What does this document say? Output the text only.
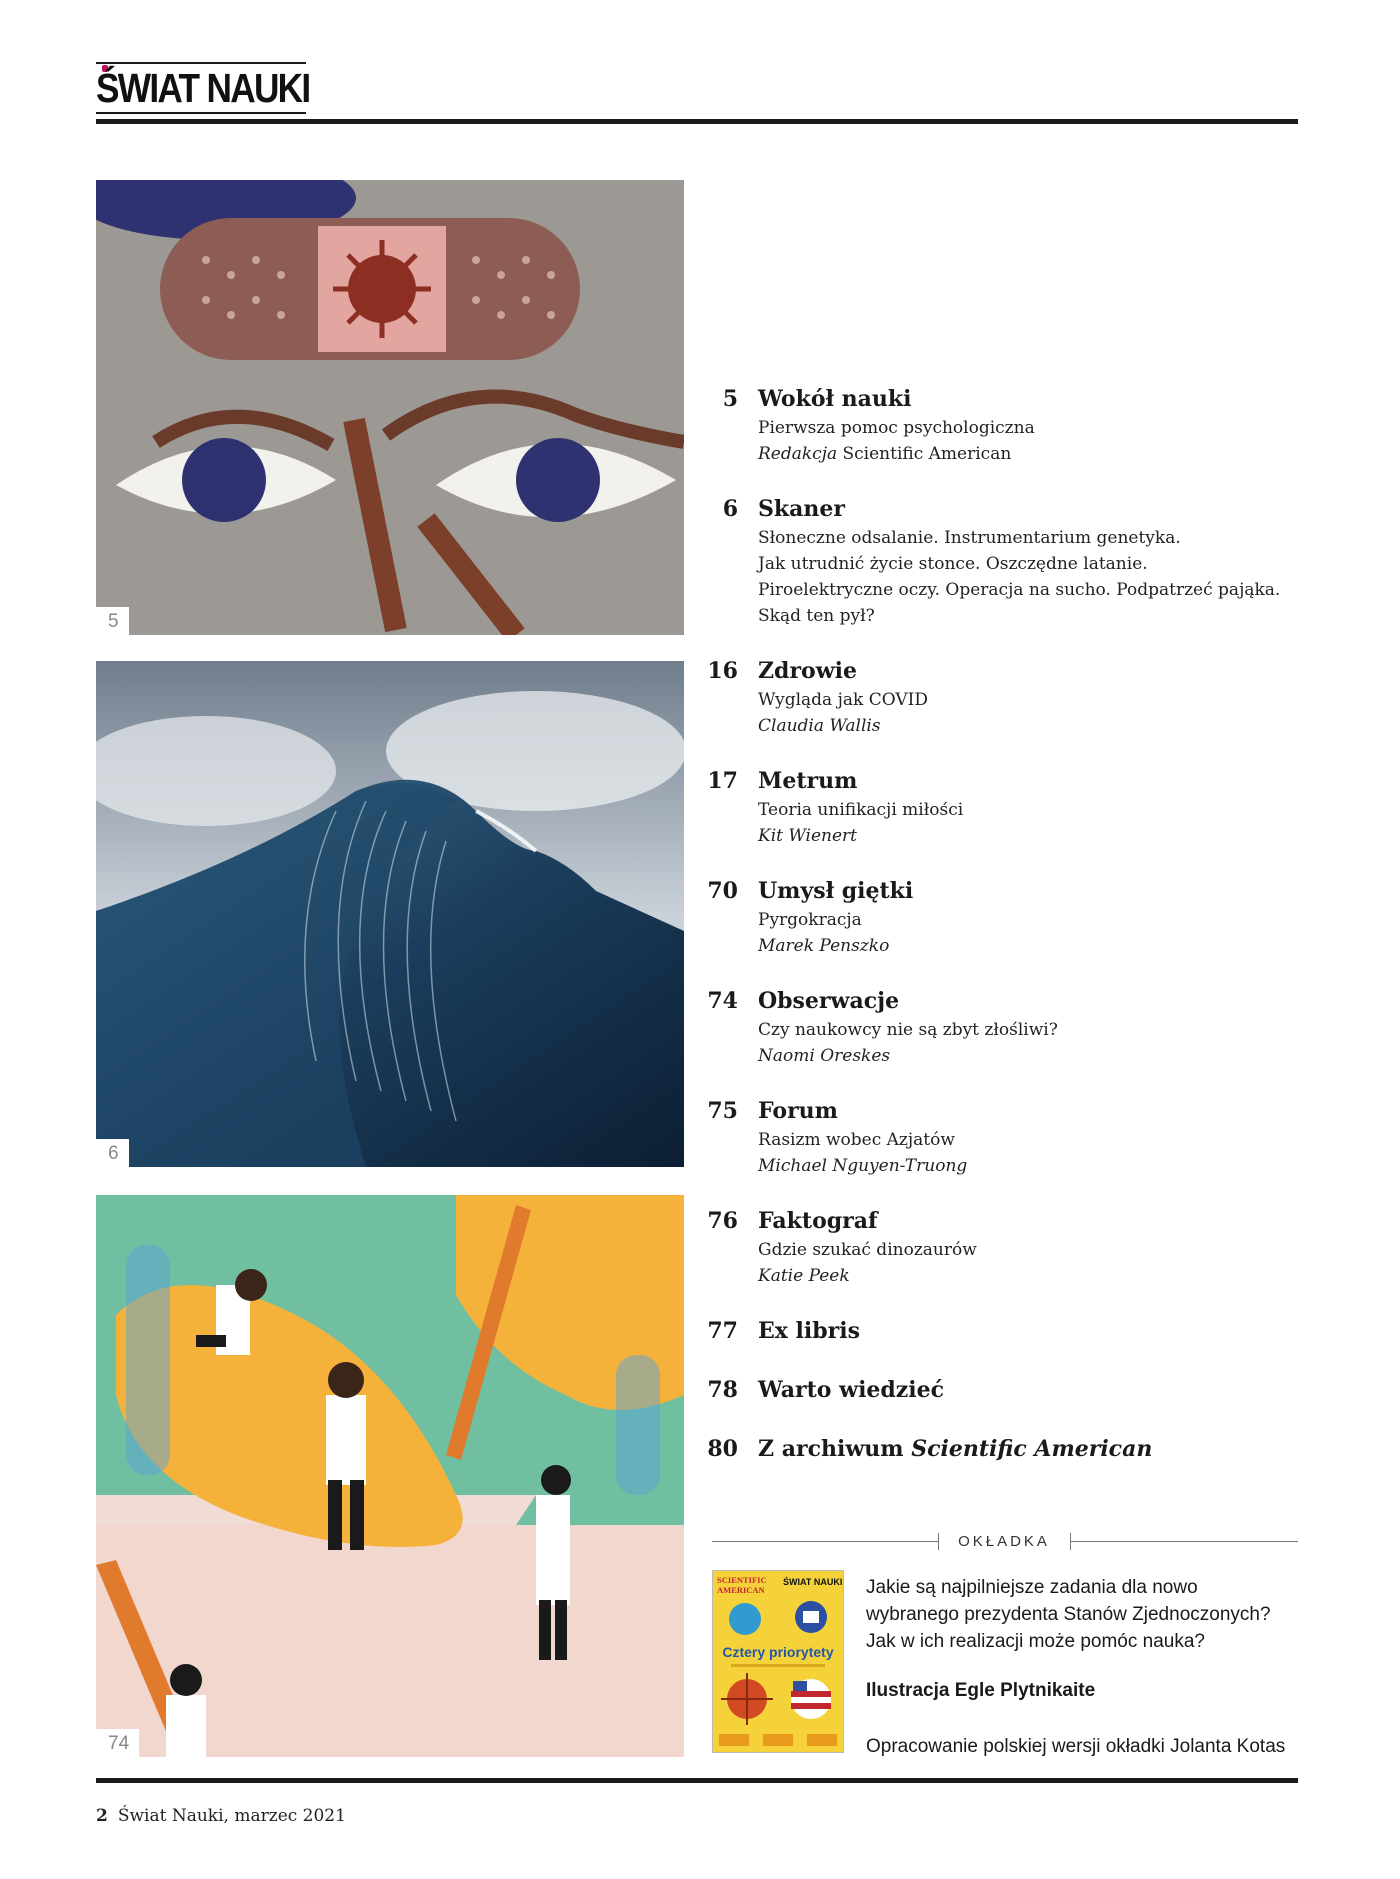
ŚWIAT NAUKI
5
6
74
5 Wokół nauki
Pierwsza pomoc psychologiczna
Redakcja Scientific American
6 Skaner
Słoneczne odsalanie. Instrumentarium genetyka.
Jak utrudnić życie stonce. Oszczędne latanie.
Piroelektryczne oczy. Operacja na sucho. Podpatrzeć pająka.
Skąd ten pył?
16 Zdrowie
Wygląda jak COVID
Claudia Wallis
17 Metrum
Teoria unifikacji miłości
Kit Wienert
70 Umysł giętki
Pyrgokracja
Marek Penszko
74 Obserwacje
Czy naukowcy nie są zbyt złośliwi?
Naomi Oreskes
75 Forum
Rasizm wobec Azjatów
Michael Nguyen-Truong
76 Faktograf
Gdzie szukać dinozaurów
Katie Peek
77 Ex libris
78 Warto wiedzieć
80 Z archiwum Scientific American
OKŁADKA
SCIENTIFIC
AMERICAN
ŚWIAT NAUKI
Cztery priorytety

Jakie są najpilniejsze zadania dla nowo

wybranego prezydenta Stanów Zjednoczonych?

Jak w ich realizacji może pomóc nauka?

Ilustracja Egle Plytnikaite
Opracowanie polskiej wersji okładki Jolanta Kotas
2 Świat Nauki, marzec 2021
